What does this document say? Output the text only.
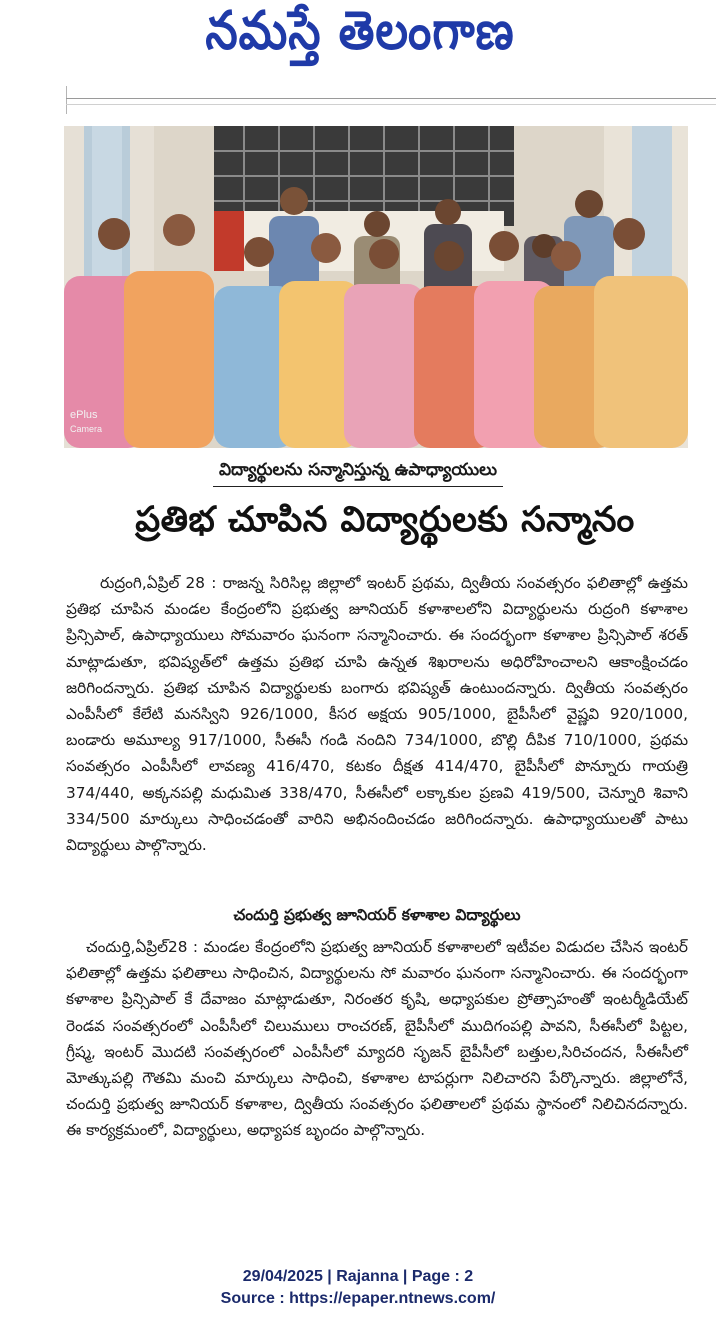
నమస్తే తెలంగాణ
ePlus
Camera
విద్యార్థులను సన్మానిస్తున్న ఉపాధ్యాయులు
ప్రతిభ చూపిన విద్యార్థులకు సన్మానం
రుద్రంగి,ఏప్రిల్ 28 : రాజన్న సిరిసిల్ల జిల్లాలో ఇంటర్ ప్రథమ, ద్వితీయ సంవత్సరం ఫలితాల్లో ఉత్తమ ప్రతిభ చూపిన మండల కేంద్రంలోని ప్రభుత్వ జూనియర్ కళాశాలలోని విద్యార్థులను రుద్రంగి కళాశాల ప్రిన్సిపాల్, ఉపాధ్యాయులు సోమవారం ఘనంగా సన్మానించారు. ఈ సందర్భంగా కళాశాల ప్రిన్సిపాల్ శరత్ మాట్లాడుతూ, భవిష్యత్‌లో ఉత్తమ ప్రతిభ చూపి ఉన్నత శిఖరాలను అధిరోహించాలని ఆకాంక్షించడం జరిగిందన్నారు. ప్రతిభ చూపిన విద్యార్థులకు బంగారు భవిష్యత్ ఉంటుందన్నారు. ద్వితీయ సంవత్సరం ఎంపీసీలో కేలేటి మనస్విని 926/1000, కీసర అక్షయ 905/1000, బైపీసీలో వైష్ణవి 920/1000, బండారు అమూల్య 917/1000, సీఈసీ గండి నందిని 734/1000, బొల్లి దీపిక 710/1000, ప్రథమ సంవత్సరం ఎంపీసీలో లావణ్య 416/470, కటకం దీక్షత 414/470, బైపీసీలో పొన్నూరు గాయత్రి 374/440, అక్కనపల్లి మధుమిత 338/470, సీఈసీలో లక్కాకుల ప్రణవి 419/500, చెన్నూరి శివాని 334/500 మార్కులు సాధించడంతో వారిని అభినందించడం జరిగిందన్నారు. ఉపాధ్యాయులతో పాటు విద్యార్థులు పాల్గొన్నారు.
చందుర్తి ప్రభుత్వ జూనియర్ కళాశాల విద్యార్థులు
చందుర్తి,ఏప్రిల్28 : మండల కేంద్రంలోని ప్రభుత్వ జూనియర్ కళాశాలలో ఇటీవల విడుదల చేసిన ఇంటర్ ఫలితాల్లో ఉత్తమ ఫలితాలు సాధించిన, విద్యార్థులను సో మవారం ఘనంగా సన్మానించారు. ఈ సందర్భంగా కళాశాల ప్రిన్సిపాల్ కే దేవాజం మాట్లాడుతూ, నిరంతర కృషి, అధ్యాపకుల ప్రోత్సాహంతో ఇంటర్మీడియేట్ రెండవ సంవత్సరంలో ఎంపీసీలో చిలుములు రాంచరణ్, బైపీసీలో ముదిగంపల్లి పావని, సీఈసీలో పిట్టల, గ్రీష్మ, ఇంటర్ మొదటి సంవత్సరంలో ఎంపీసీలో మ్యాదరి సృజన్ బైపీసీలో బత్తుల,సిరిచందన, సీఈసీలో మోత్కుపల్లి గౌతమి మంచి మార్కులు సాధించి, కళాశాల టాపర్లుగా నిలిచారని పేర్కొన్నారు. జిల్లాలోనే, చందుర్తి ప్రభుత్వ జూనియర్ కళాశాల, ద్వితీయ సంవత్సరం ఫలితాలలో ప్రథమ స్థానంలో నిలిచినదన్నారు. ఈ కార్యక్రమంలో, విద్యార్థులు, అధ్యాపక బృందం పాల్గొన్నారు.
29/04/2025 | Rajanna | Page : 2
Source : https://epaper.ntnews.com/
